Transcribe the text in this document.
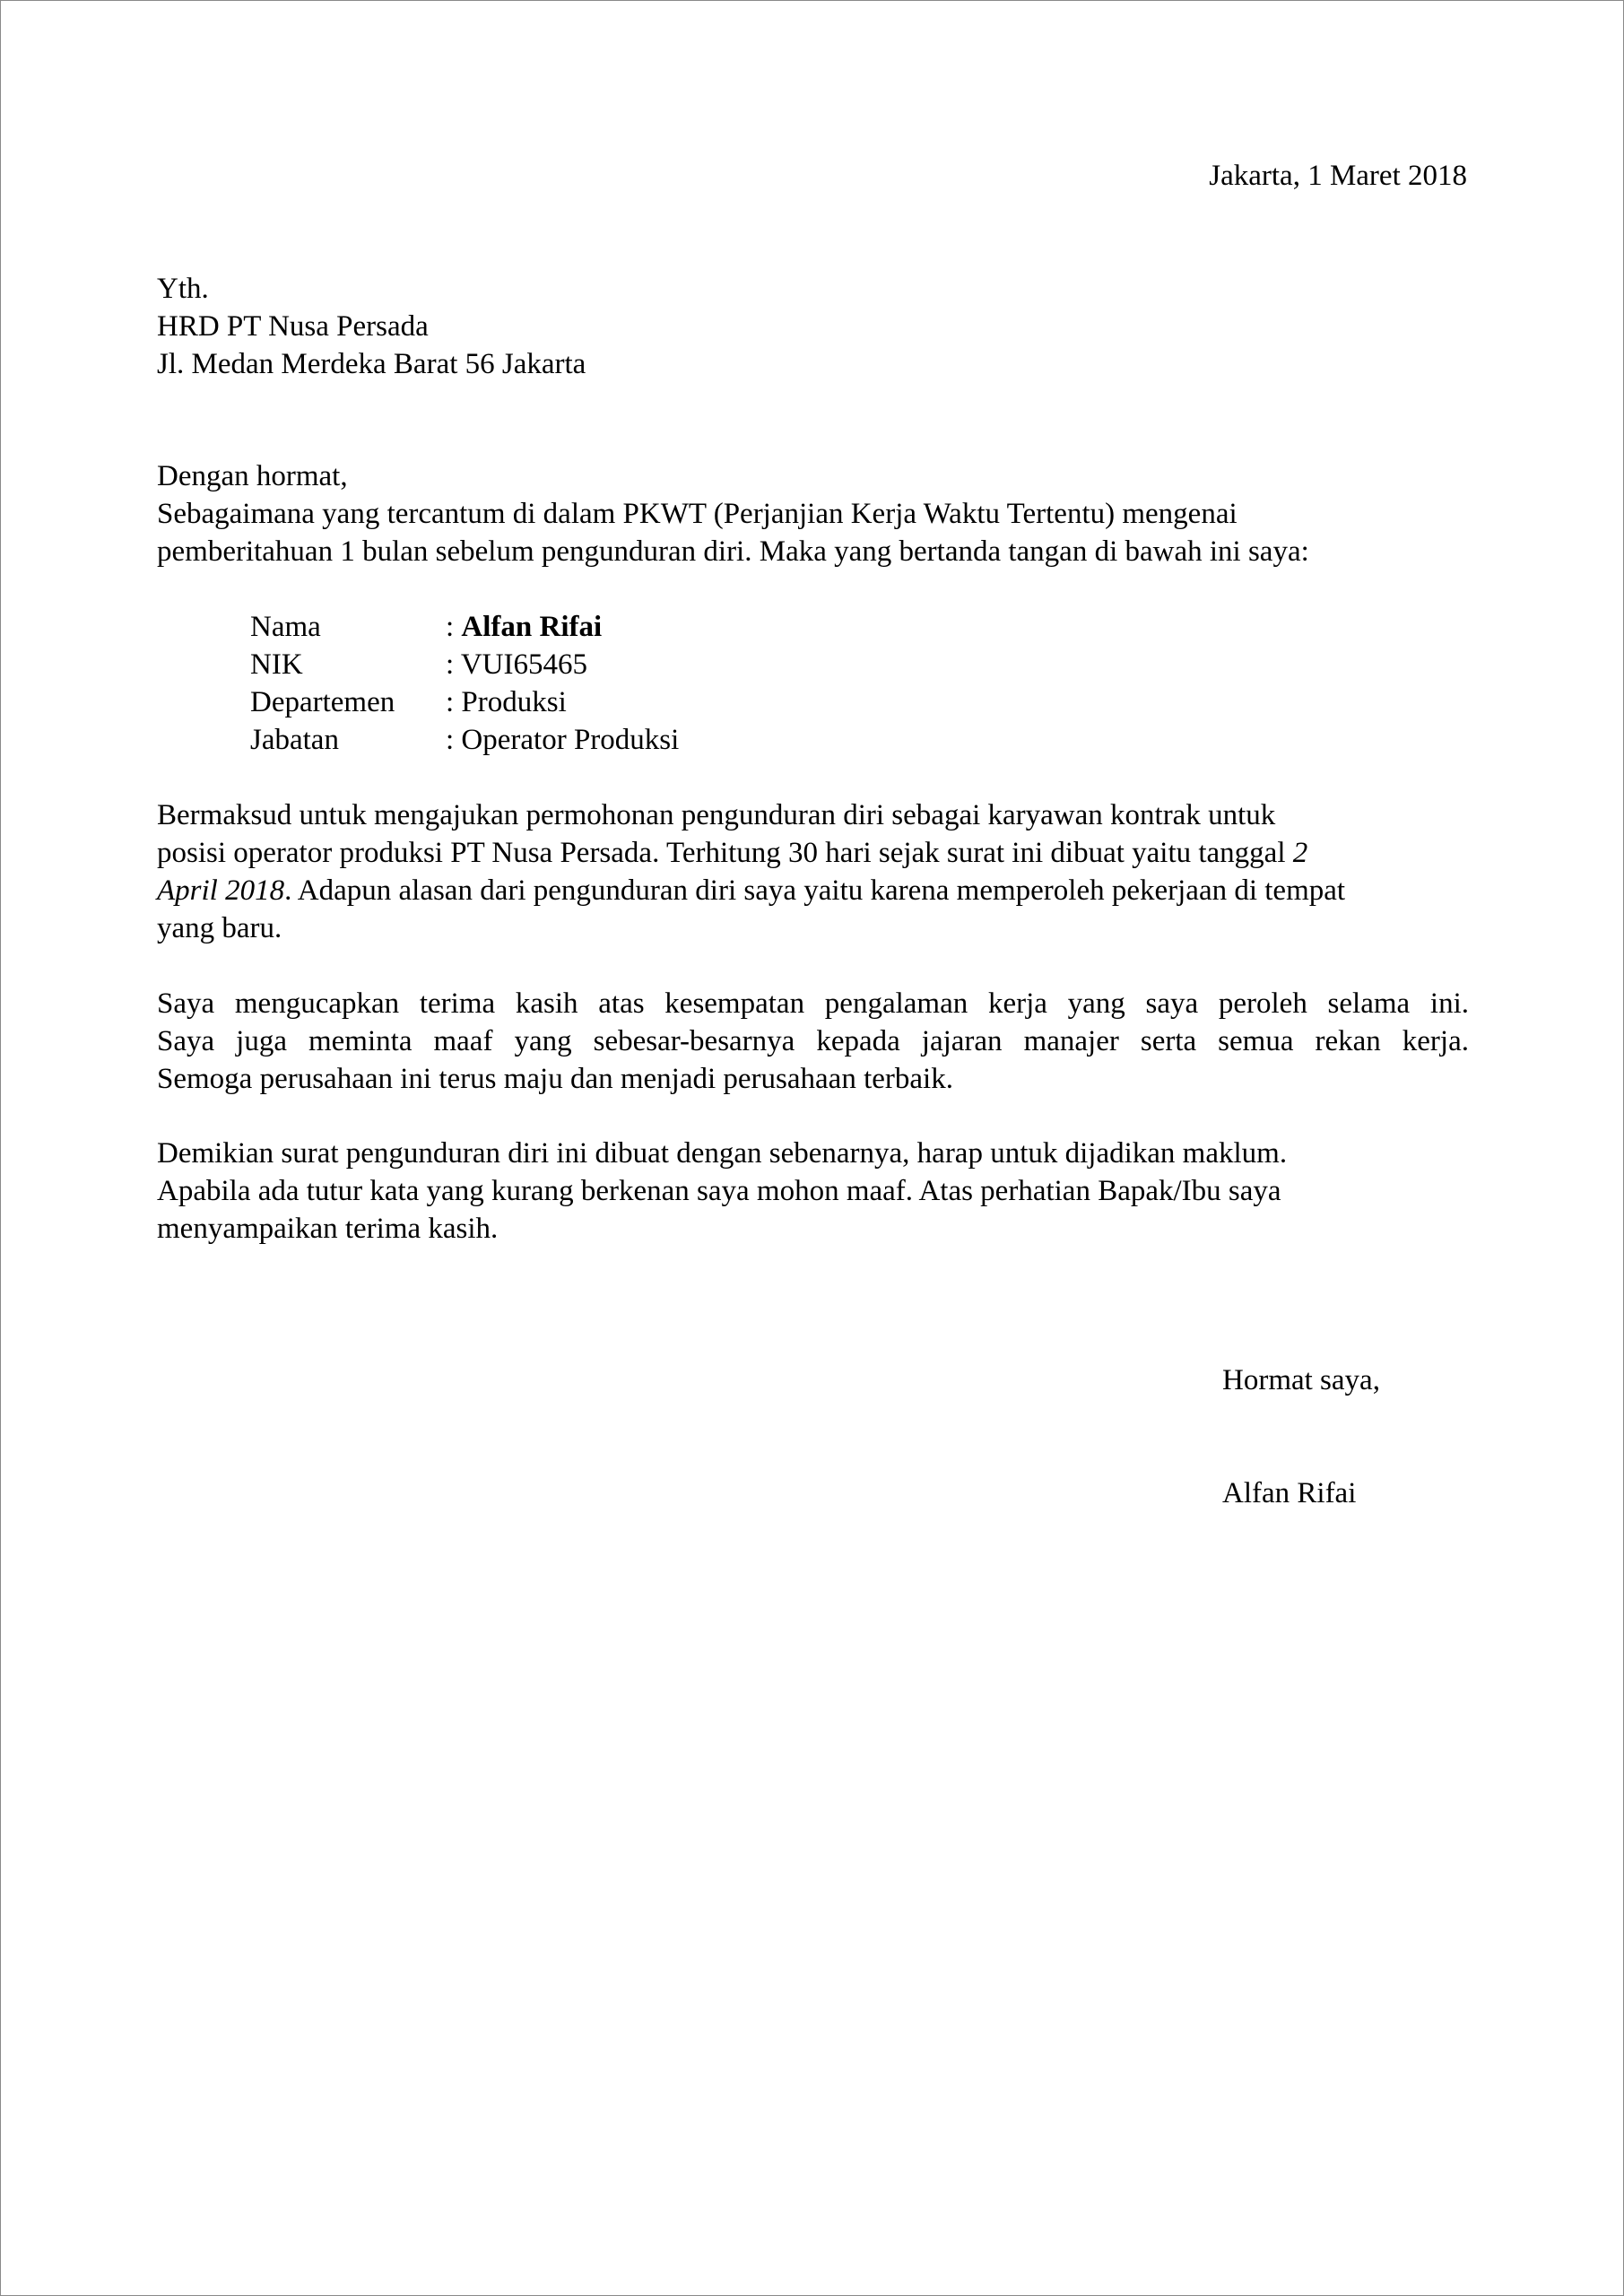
Jakarta, 1 Maret 2018
Yth.
HRD PT Nusa Persada
Jl. Medan Merdeka Barat 56 Jakarta
Dengan hormat,
Sebagaimana yang tercantum di dalam PKWT (Perjanjian Kerja Waktu Tertentu) mengenai
pemberitahuan 1 bulan sebelum pengunduran diri. Maka yang bertanda tangan di bawah ini saya:
Nama	: Alfan Rifai
NIK	: VUI65465
Departemen	: Produksi
Jabatan	: Operator Produksi
Bermaksud untuk mengajukan permohonan pengunduran diri sebagai karyawan kontrak untuk
posisi operator produksi PT Nusa Persada. Terhitung 30 hari sejak surat ini dibuat yaitu tanggal 2
April 2018. Adapun alasan dari pengunduran diri saya yaitu karena memperoleh pekerjaan di tempat
yang baru.
Saya mengucapkan terima kasih atas kesempatan pengalaman kerja yang saya peroleh selama ini.
Saya juga meminta maaf yang sebesar-besarnya kepada jajaran manajer serta semua rekan kerja.
Semoga perusahaan ini terus maju dan menjadi perusahaan terbaik.
Demikian surat pengunduran diri ini dibuat dengan sebenarnya, harap untuk dijadikan maklum.
Apabila ada tutur kata yang kurang berkenan saya mohon maaf. Atas perhatian Bapak/Ibu saya
menyampaikan terima kasih.
Hormat saya,
Alfan Rifai
